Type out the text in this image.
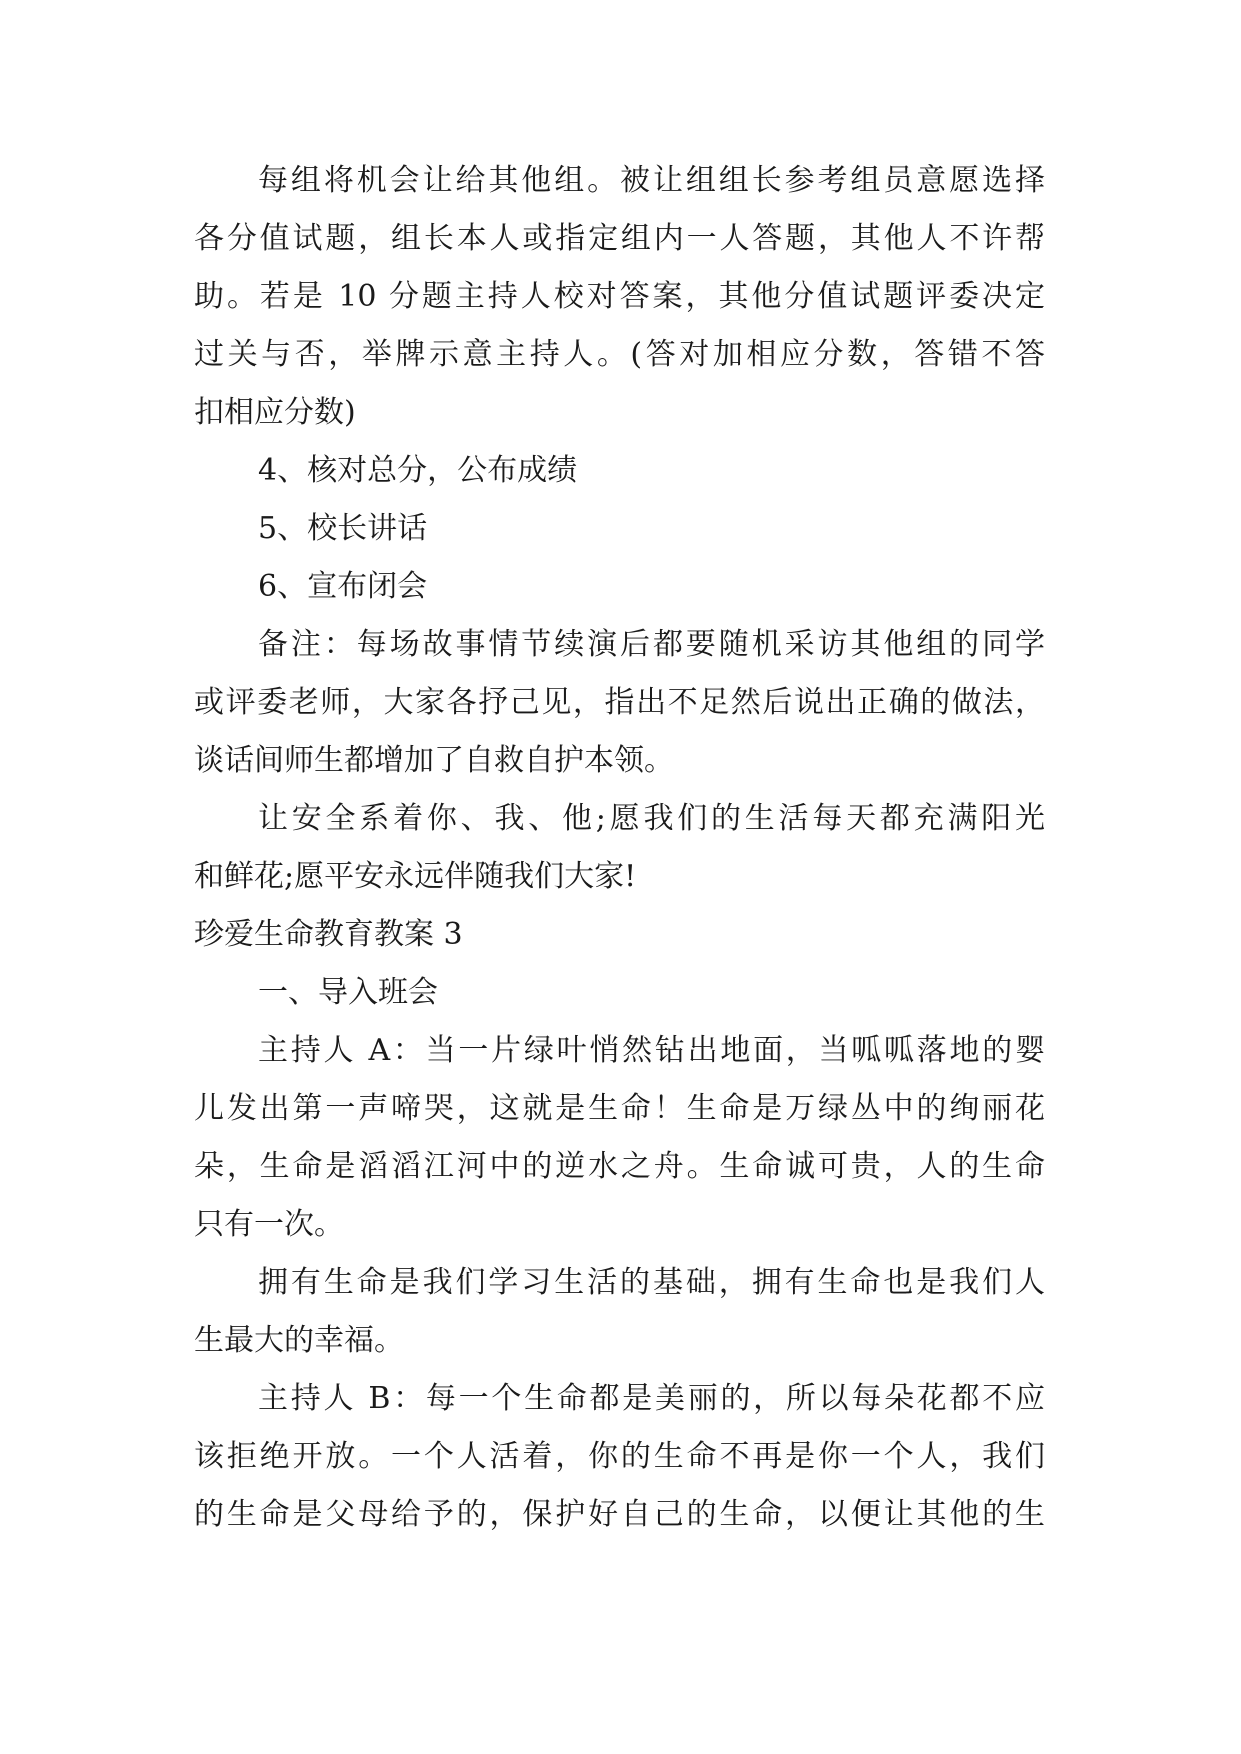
每组将机会让给其他组。被让组组长参考组员意愿选择
各分值试题，组长本人或指定组内一人答题，其他人不许帮
助。若是 10 分题主持人校对答案，其他分值试题评委决定
过关与否，举牌示意主持人。(答对加相应分数，答错不答
扣相应分数)
4、核对总分，公布成绩
5、校长讲话
6、宣布闭会
备注：每场故事情节续演后都要随机采访其他组的同学
或评委老师，大家各抒己见，指出不足然后说出正确的做法，
谈话间师生都增加了自救自护本领。
让安全系着你、我、他;愿我们的生活每天都充满阳光
和鲜花;愿平安永远伴随我们大家!
珍爱生命教育教案 3
一、导入班会
主持人 A：当一片绿叶悄然钻出地面，当呱呱落地的婴
儿发出第一声啼哭，这就是生命！生命是万绿丛中的绚丽花
朵，生命是滔滔江河中的逆水之舟。生命诚可贵，人的生命
只有一次。
拥有生命是我们学习生活的基础，拥有生命也是我们人
生最大的幸福。
主持人 B：每一个生命都是美丽的，所以每朵花都不应
该拒绝开放。一个人活着，你的生命不再是你一个人，我们
的生命是父母给予的，保护好自己的生命，以便让其他的生
